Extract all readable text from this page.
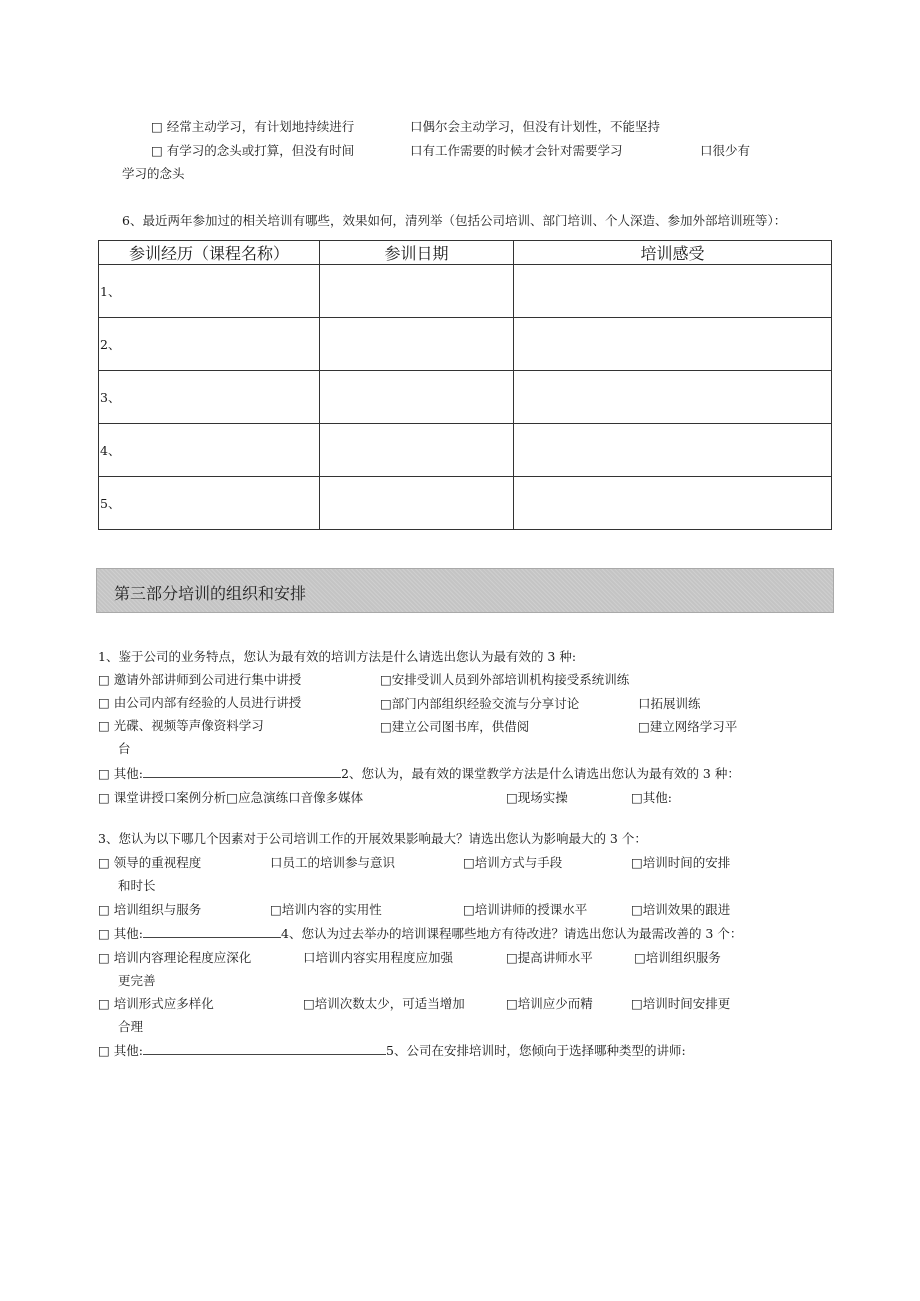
□ 经常主动学习，有计划地持续进行	口偶尔会主动学习，但没有计划性，不能坚持
□ 有学习的念头或打算，但没有时间	口有工作需要的时候才会针对需要学习	口很少有
学习的念头
6、最近两年参加过的相关培训有哪些，效果如何，清列举（包括公司培训、部门培训、个人深造、参加外部培训班等）：
参训经历（课程名称）	参训日期	培训感受
1、		
2、		
3、		
4、		
5、		
第三部分培训的组织和安排
1、鉴于公司的业务特点，您认为最有效的培训方法是什么请选出您认为最有效的 3 种:
□ 邀请外部讲师到公司进行集中讲授	□安排受训人员到外部培训机构接受系统训练
□ 由公司内部有经验的人员进行讲授	□部门内部组织经验交流与分享讨论	口拓展训练
□ 光碟、视频等声像资料学习	□建立公司图书库，供借阅	□建立网络学习平
台
□ 其他:	2、您认为，最有效的课堂教学方法是什么请选出您认为最有效的 3 种：
□ 课堂讲授口案例分析□应急演练口音像多媒体	□现场实操	□其他:
3、您认为以下哪几个因素对于公司培训工作的开展效果影响最大？请选出您认为影响最大的 3 个：
□ 领导的重视程度	口员工的培训参与意识	□培训方式与手段	□培训时间的安排
和时长
□ 培训组织与服务	□培训内容的实用性	□培训讲师的授课水平	□培训效果的跟进
□ 其他:	4、您认为过去举办的培训课程哪些地方有待改进？请选出您认为最需改善的 3 个：
□ 培训内容理论程度应深化	口培训内容实用程度应加强	□提高讲师水平	□培训组织服务
更完善
□ 培训形式应多样化	□培训次数太少，可适当增加	□培训应少而精	□培训时间安排更
合理
□ 其他:	5、公司在安排培训时，您倾向于选择哪种类型的讲师:
